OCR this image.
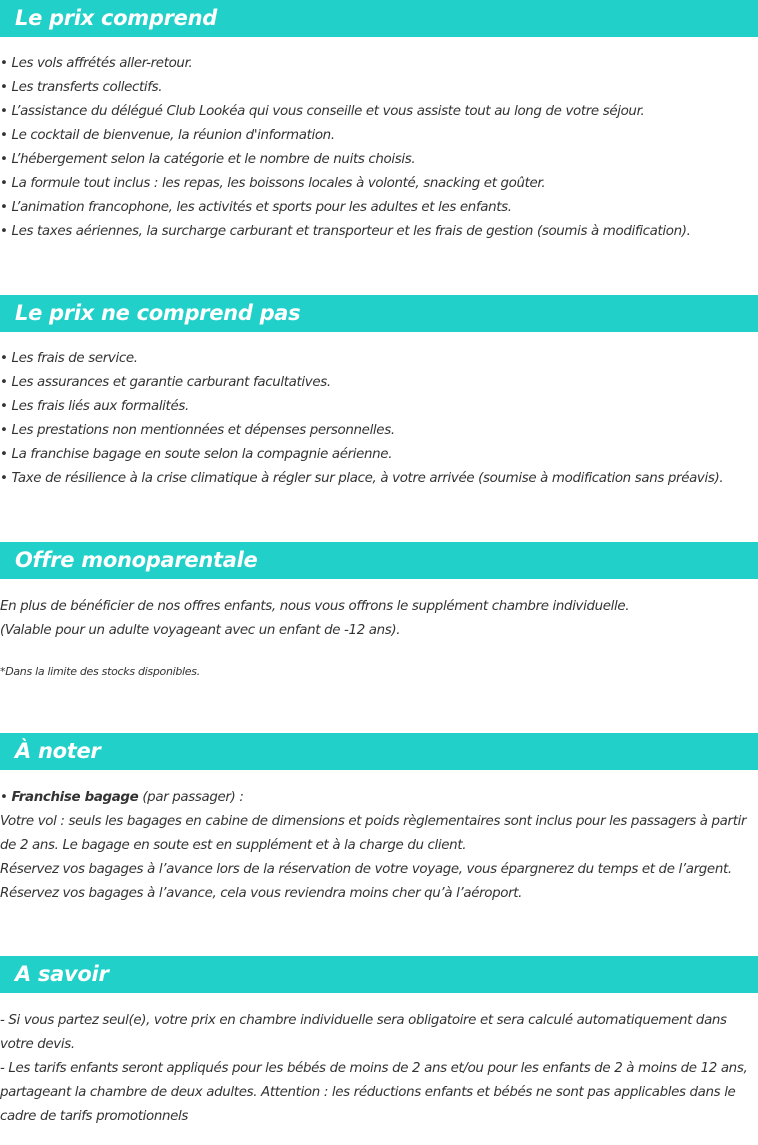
Le prix comprend
• Les vols affrétés aller-retour.
• Les transferts collectifs.
• L’assistance du délégué Club Lookéa qui vous conseille et vous assiste tout au long de votre séjour.
• Le cocktail de bienvenue, la réunion d'information.
• L’hébergement selon la catégorie et le nombre de nuits choisis.
• La formule tout inclus : les repas, les boissons locales à volonté, snacking et goûter.
• L’animation francophone, les activités et sports pour les adultes et les enfants.
• Les taxes aériennes, la surcharge carburant et transporteur et les frais de gestion (soumis à modification).
Le prix ne comprend pas
• Les frais de service.
• Les assurances et garantie carburant facultatives.
• Les frais liés aux formalités.
• Les prestations non mentionnées et dépenses personnelles.
• La franchise bagage en soute selon la compagnie aérienne.
• Taxe de résilience à la crise climatique à régler sur place, à votre arrivée (soumise à modification sans préavis).
Offre monoparentale
En plus de bénéficier de nos offres enfants, nous vous offrons le supplément chambre individuelle.
(Valable pour un adulte voyageant avec un enfant de -12 ans).
*Dans la limite des stocks disponibles.
À noter
• Franchise bagage (par passager) :
Votre vol : seuls les bagages en cabine de dimensions et poids règlementaires sont inclus pour les passagers à partir de 2 ans. Le bagage en soute est en supplément et à la charge du client.
Réservez vos bagages à l’avance lors de la réservation de votre voyage, vous épargnerez du temps et de l’argent.
Réservez vos bagages à l’avance, cela vous reviendra moins cher qu’à l’aéroport.
A savoir
- Si vous partez seul(e), votre prix en chambre individuelle sera obligatoire et sera calculé automatiquement dans votre devis.
- Les tarifs enfants seront appliqués pour les bébés de moins de 2 ans et/ou pour les enfants de 2 à moins de 12 ans, partageant la chambre de deux adultes. Attention : les réductions enfants et bébés ne sont pas applicables dans le cadre de tarifs promotionnels
